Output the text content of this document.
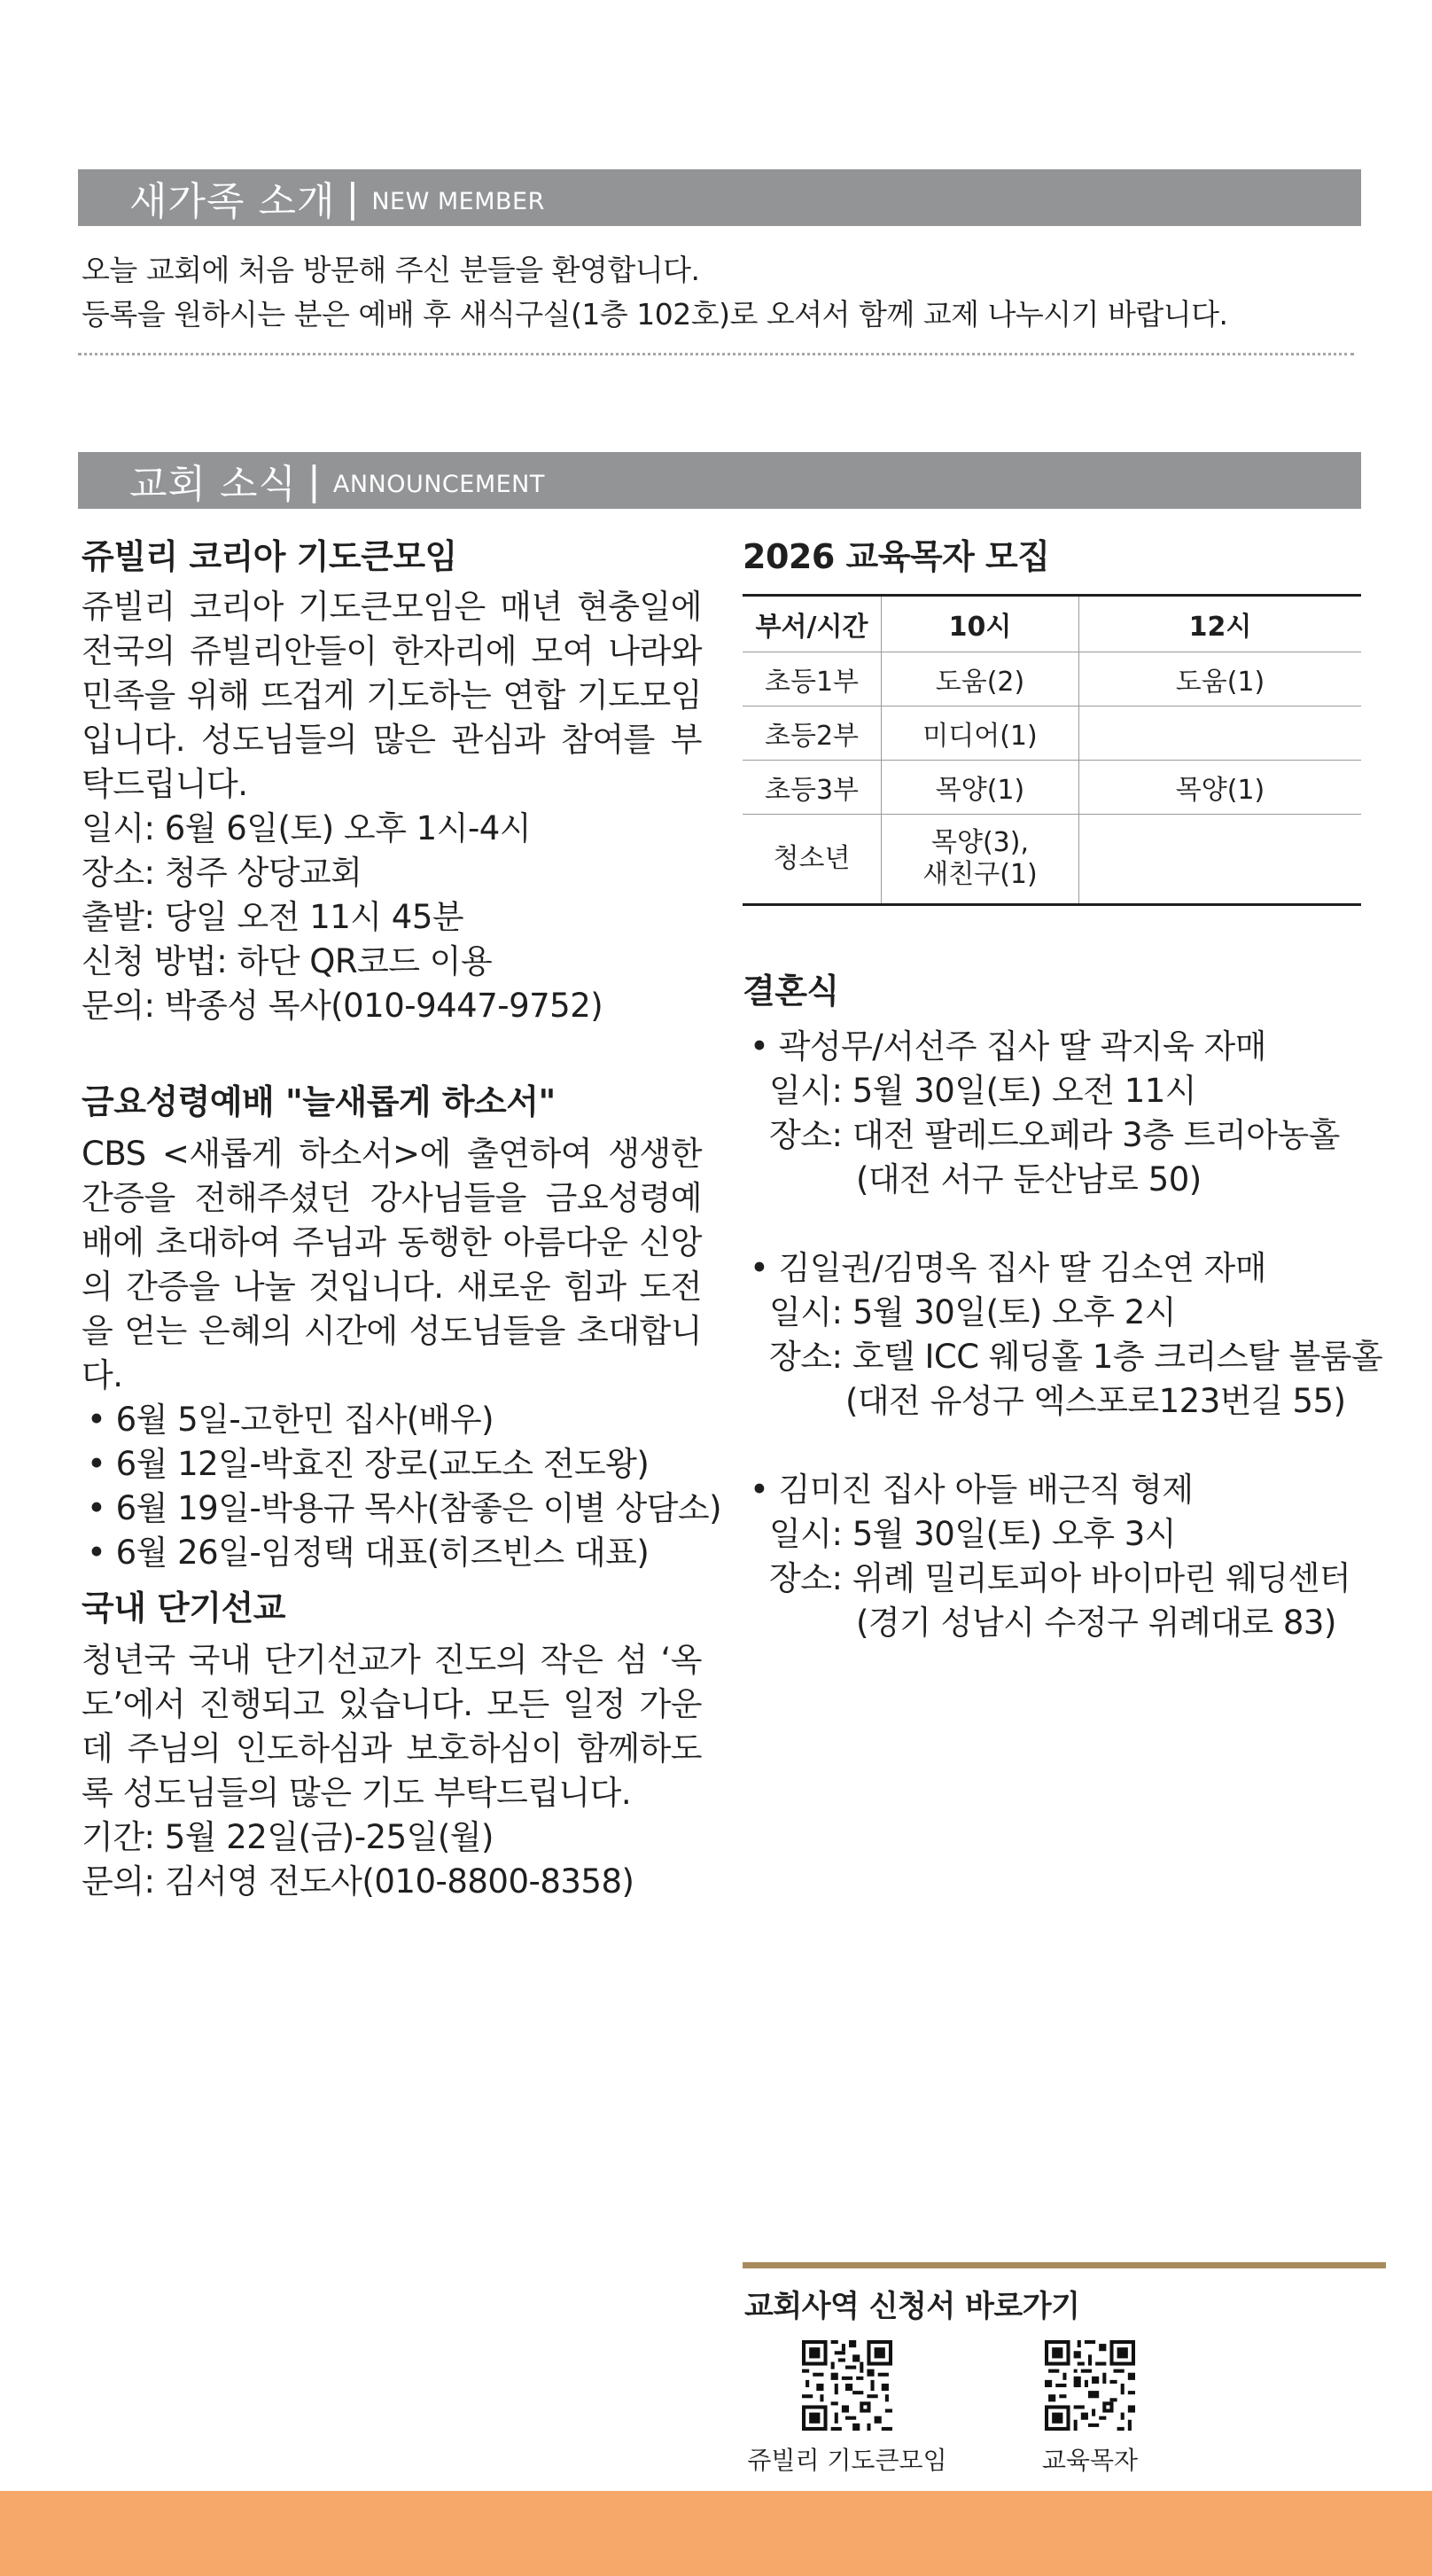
새가족 소개 | NEW MEMBER
오늘 교회에 처음 방문해 주신 분들을 환영합니다.
등록을 원하시는 분은 예배 후 새식구실(1층 102호)로 오셔서 함께 교제 나누시기 바랍니다.
교회 소식 | ANNOUNCEMENT
쥬빌리 코리아 기도큰모임

쥬빌리 코리아 기도큰모임은 매년 현충일에 전국의 쥬빌리안들이 한자리에 모여 나라와 민족을 위해 뜨겁게 기도하는 연합 기도모임입니다. 성도님들의 많은 관심과 참여를 부탁드립니다.

일시: 6월 6일(토) 오후 1시-4시
장소: 청주 상당교회
출발: 당일 오전 11시 45분
신청 방법: 하단 QR코드 이용
문의: 박종성 목사(010-9447-9752)
금요성령예배 "늘새롭게 하소서"

CBS <새롭게 하소서>에 출연하여 생생한 간증을 전해주셨던 강사님들을 금요성령예배에 초대하여 주님과 동행한 아름다운 신앙의 간증을 나눌 것입니다. 새로운 힘과 도전을 얻는 은혜의 시간에 성도님들을 초대합니다.

• 6월 5일-고한민 집사(배우)
• 6월 12일-박효진 장로(교도소 전도왕)
• 6월 19일-박용규 목사(참좋은 이별 상담소)
• 6월 26일-임정택 대표(히즈빈스 대표)
국내 단기선교

청년국 국내 단기선교가 진도의 작은 섬 ‘옥도’에서 진행되고 있습니다. 모든 일정 가운데 주님의 인도하심과 보호하심이 함께하도록 성도님들의 많은 기도 부탁드립니다.

기간: 5월 22일(금)-25일(월)
문의: 김서영 전도사(010-8800-8358)
2026 교육목자 모집
부서/시간	10시	12시
초등1부	도움(2)	도움(1)
초등2부	미디어(1)	
초등3부	목양(1)	목양(1)
청소년	목양(3),
새친구(1)	
결혼식
• 곽성무/서선주 집사 딸 곽지욱 자매
일시: 5월 30일(토) 오전 11시
장소: 대전 팔레드오페라 3층 트리아농홀
(대전 서구 둔산남로 50)
• 김일권/김명옥 집사 딸 김소연 자매
일시: 5월 30일(토) 오후 2시
장소: 호텔 ICC 웨딩홀 1층 크리스탈 볼룸홀
(대전 유성구 엑스포로123번길 55)
• 김미진 집사 아들 배근직 형제
일시: 5월 30일(토) 오후 3시
장소: 위례 밀리토피아 바이마린 웨딩센터
(경기 성남시 수정구 위례대로 83)
교회사역 신청서 바로가기
쥬빌리 기도큰모임	교육목자
